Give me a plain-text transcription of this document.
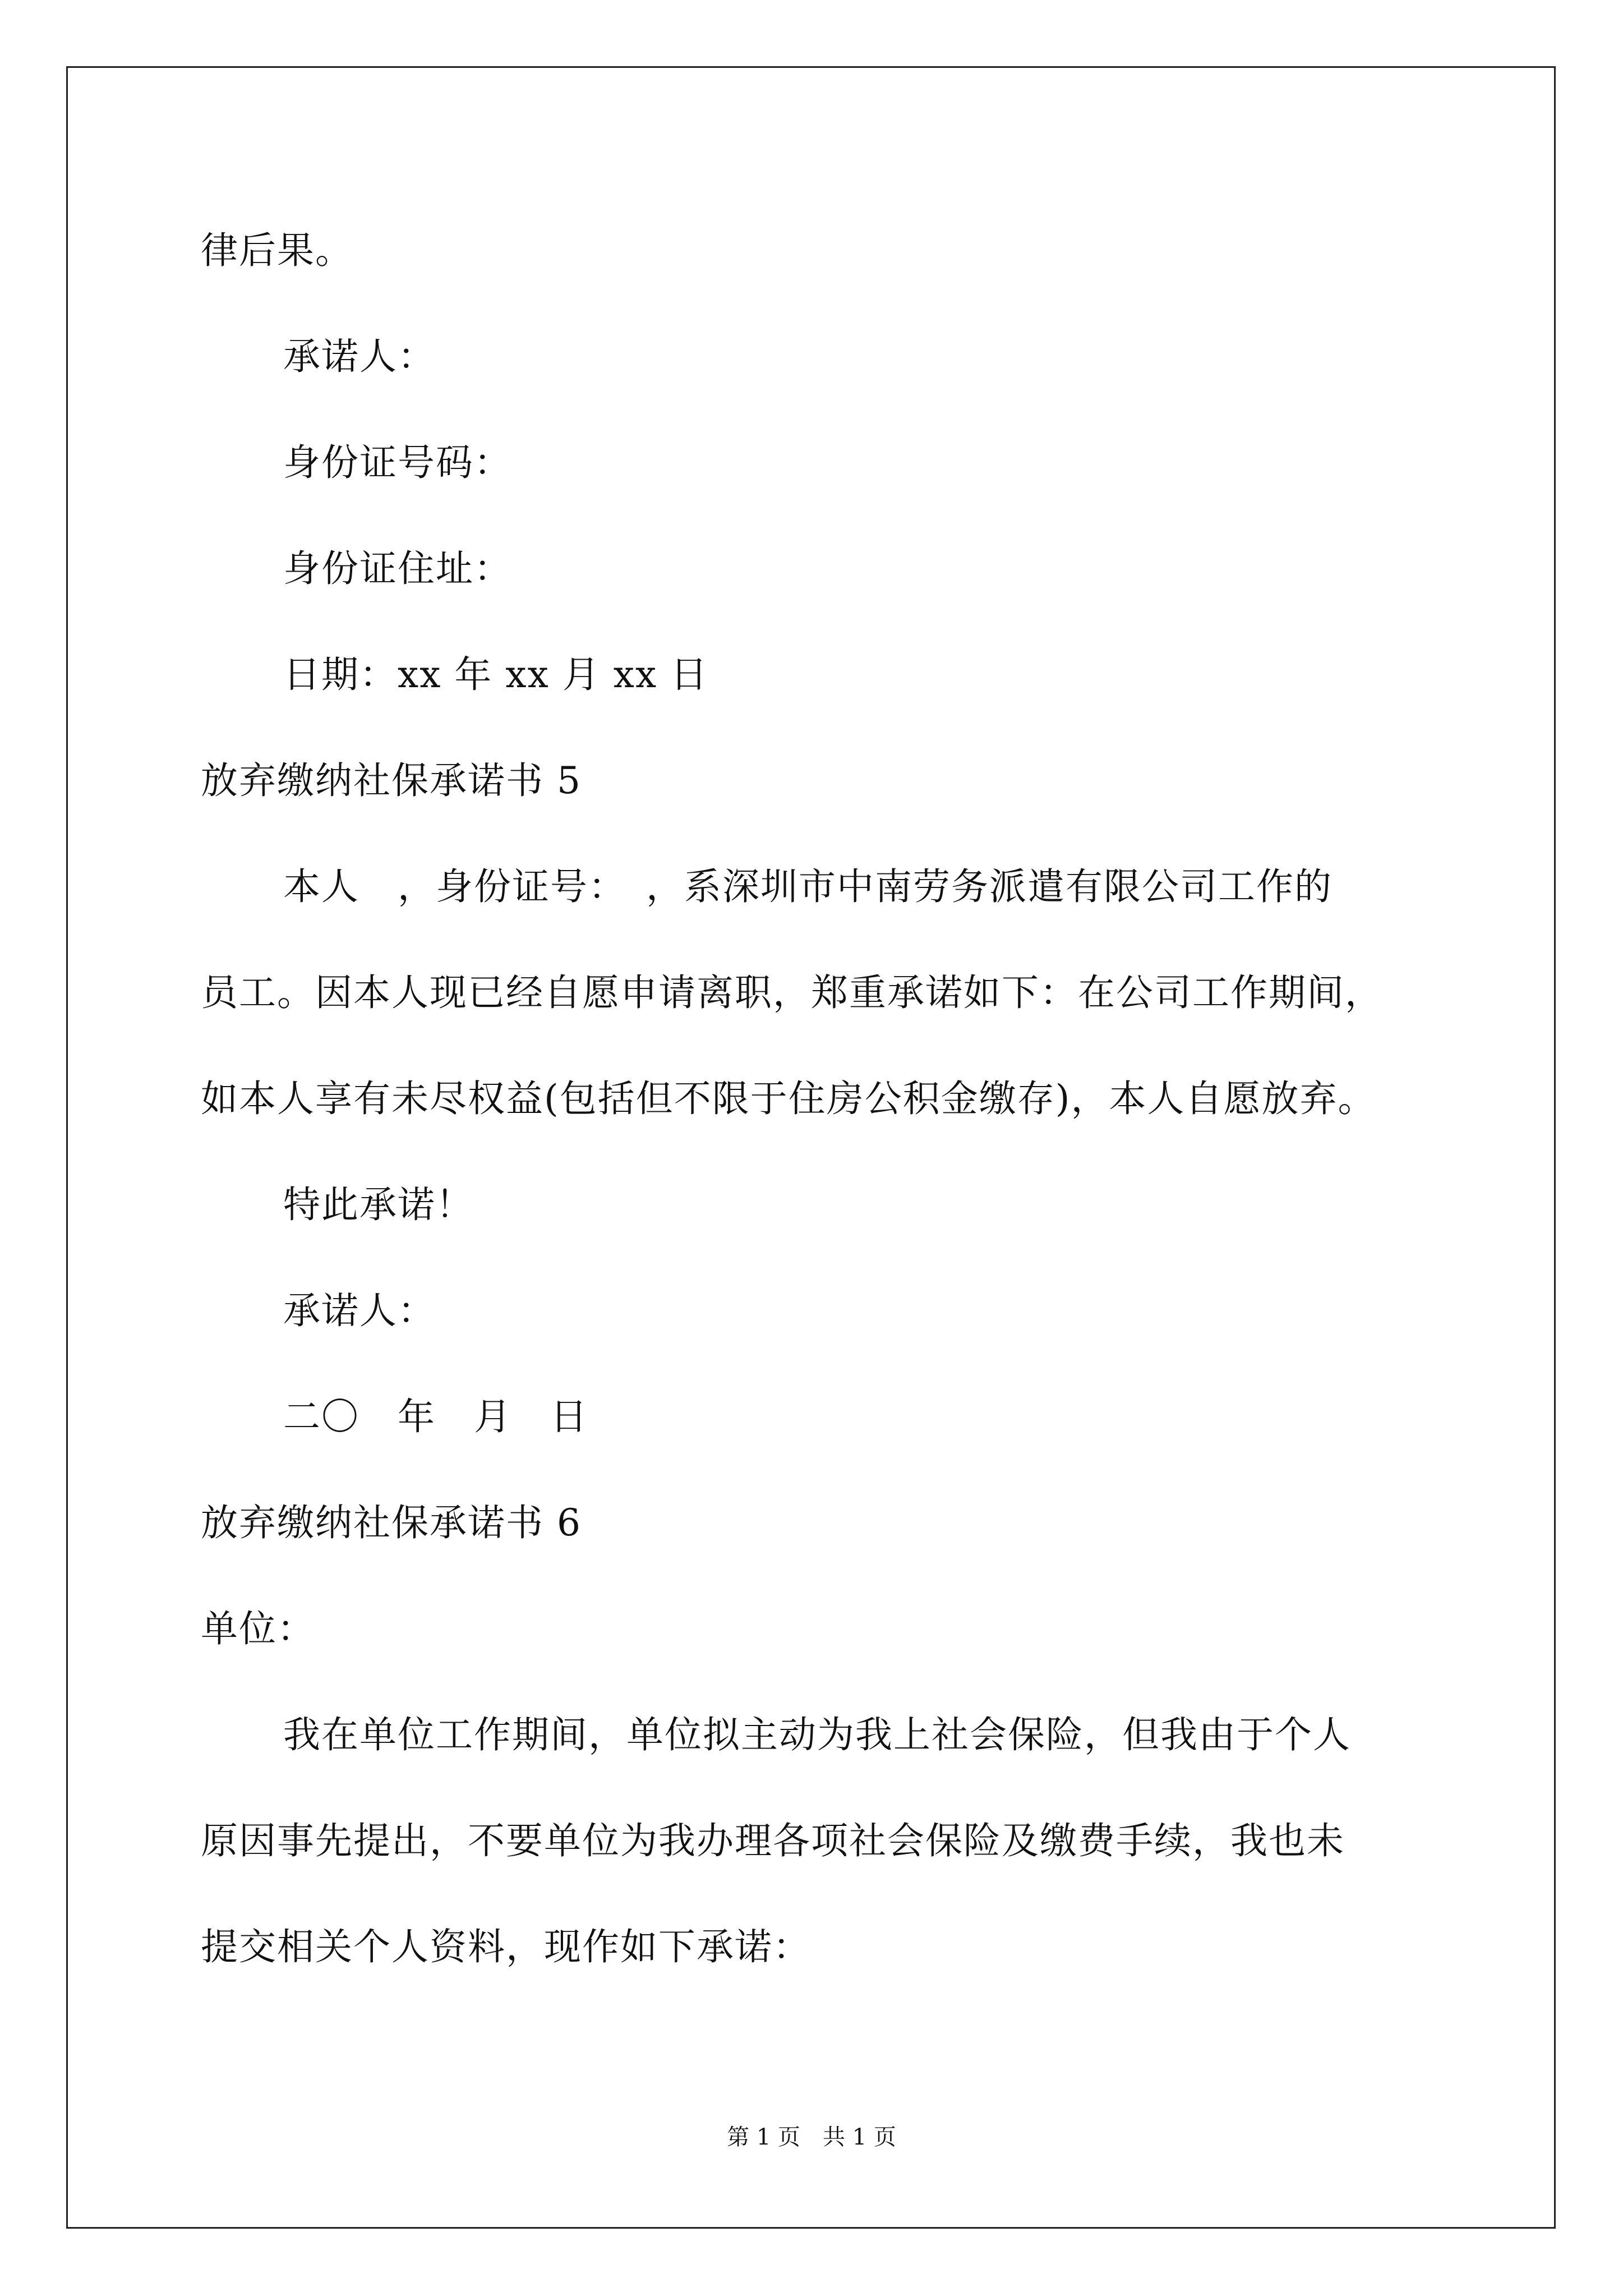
律后果。

承诺人：

身份证号码：

身份证住址：

日期：xx 年 xx 月 xx 日

放弃缴纳社保承诺书 5

本人　，身份证号：　，系深圳市中南劳务派遣有限公司工作的

员工。因本人现已经自愿申请离职，郑重承诺如下：在公司工作期间，

如本人享有未尽权益(包括但不限于住房公积金缴存)，本人自愿放弃。

特此承诺！

承诺人：

二〇　年　月　日

放弃缴纳社保承诺书 6

单位：

我在单位工作期间，单位拟主动为我上社会保险，但我由于个人

原因事先提出，不要单位为我办理各项社会保险及缴费手续，我也未

提交相关个人资料，现作如下承诺：

第 1 页　共 1 页
